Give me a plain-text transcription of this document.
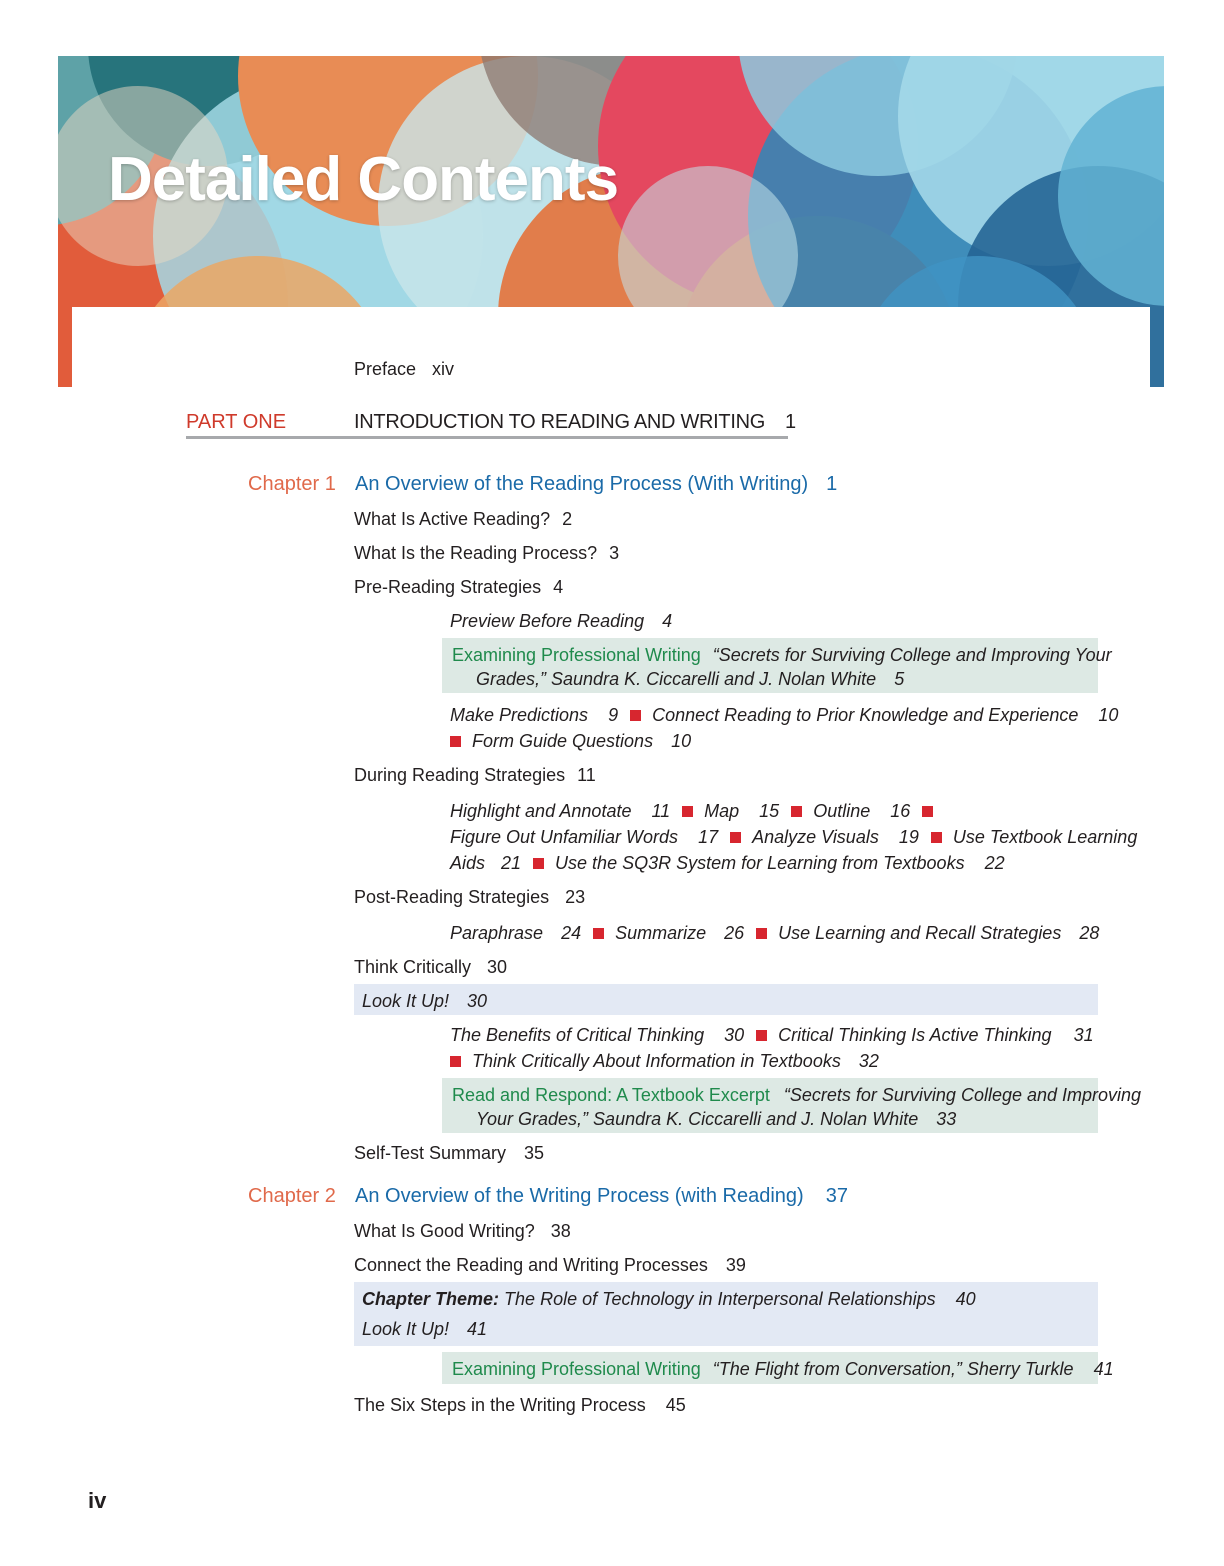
Detailed Contents
Preface xiv
PART ONE	INTRODUCTION TO READING AND WRITING 1
Chapter 1 An Overview of the Reading Process (With Writing) 1
What Is Active Reading? 2
What Is the Reading Process? 3
Pre-Reading Strategies 4
Preview Before Reading 4
Examining Professional Writing “Secrets for Surviving College and Improving Your
Grades,” Saundra K. Ciccarelli and J. Nolan White 5
Make Predictions 9 Connect Reading to Prior Knowledge and Experience 10
Form Guide Questions 10
During Reading Strategies 11
Highlight and Annotate 11 Map 15 Outline 16
Figure Out Unfamiliar Words 17 Analyze Visuals 19 Use Textbook Learning
Aids 21 Use the SQ3R System for Learning from Textbooks 22
Post-Reading Strategies 23
Paraphrase 24 Summarize 26 Use Learning and Recall Strategies 28
Think Critically 30
Look It Up! 30
The Benefits of Critical Thinking 30 Critical Thinking Is Active Thinking 31
Think Critically About Information in Textbooks 32
Read and Respond: A Textbook Excerpt “Secrets for Surviving College and Improving
Your Grades,” Saundra K. Ciccarelli and J. Nolan White 33
Self-Test Summary 35
Chapter 2 An Overview of the Writing Process (with Reading) 37
What Is Good Writing? 38
Connect the Reading and Writing Processes 39
Chapter Theme: The Role of Technology in Interpersonal Relationships 40
Look It Up! 41
Examining Professional Writing “The Flight from Conversation,” Sherry Turkle 41
The Six Steps in the Writing Process 45
iv
